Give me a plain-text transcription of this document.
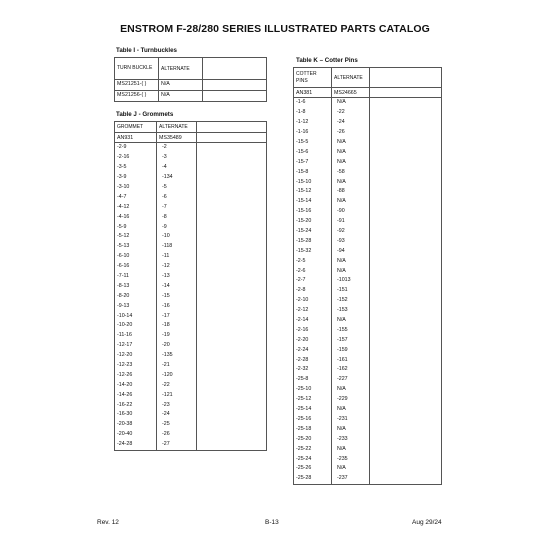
ENSTROM F-28/280 SERIES ILLUSTRATED PARTS CATALOG
Table I - Turnbuckles
TURN BUCKLE	ALTERNATE	
MS21251-( )	N/A	
MS21256-( )	N/A	
Table J - Grommets
GROMMET	ALTERNATE	
AN931	MS35489	
-2-9	-2	
-2-16	-3	
-3-5	-4	
-3-9	-134	
-3-10	-5	
-4-7	-6	
-4-12	-7	
-4-16	-8	
-5-9	-9	
-5-12	-10	
-5-13	-118	
-6-10	-11	
-6-16	-12	
-7-11	-13	
-8-13	-14	
-8-20	-15	
-9-13	-16	
-10-14	-17	
-10-20	-18	
-11-16	-19	
-12-17	-20	
-12-20	-135	
-12-23	-21	
-12-26	-120	
-14-20	-22	
-14-26	-121	
-16-22	-23	
-16-30	-24	
-20-38	-25	
-20-40	-26	
-24-28	-27	
Table K – Cotter Pins
COTTER PINS	ALTERNATE	
AN381	MS24665	
-1-6	N/A	
-1-8	-22	
-1-12	-24	
-1-16	-26	
-15-5	N/A	
-15-6	N/A	
-15-7	N/A	
-15-8	-58	
-15-10	N/A	
-15-12	-88	
-15-14	N/A	
-15-16	-90	
-15-20	-91	
-15-24	-92	
-15-28	-93	
-15-32	-94	
-2-5	N/A	
-2-6	N/A	
-2-7	-1013	
-2-8	-151	
-2-10	-152	
-2-12	-153	
-2-14	N/A	
-2-16	-155	
-2-20	-157	
-2-24	-159	
-2-28	-161	
-2-32	-162	
-25-8	-227	
-25-10	N/A	
-25-12	-229	
-25-14	N/A	
-25-16	-231	
-25-18	N/A	
-25-20	-233	
-25-22	N/A	
-25-24	-235	
-25-26	N/A	
-25-28	-237	
Rev. 12	B-13	Aug 29/24
